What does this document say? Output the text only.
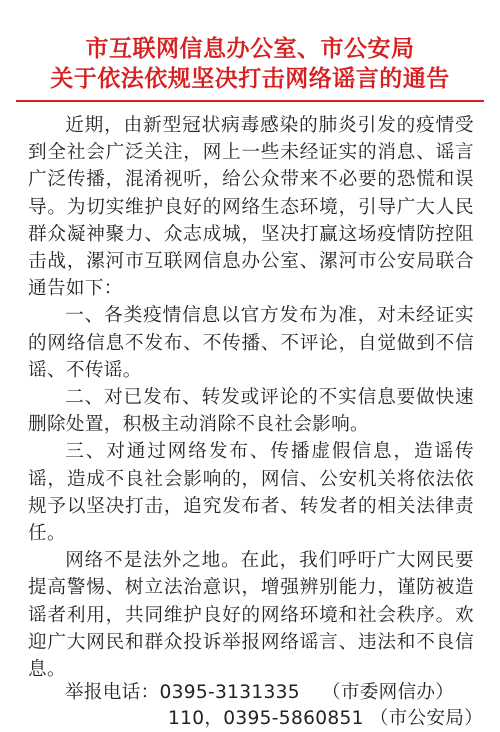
市互联网信息办公室、市公安局
关于依法依规坚决打击网络谣言的通告

近期，由新型冠状病毒感染的肺炎引发的疫情受到全社会广泛关注，网上一些未经证实的消息、谣言广泛传播，混淆视听，给公众带来不必要的恐慌和误导。为切实维护良好的网络生态环境，引导广大人民群众凝神聚力、众志成城，坚决打赢这场疫情防控阻击战，漯河市互联网信息办公室、漯河市公安局联合通告如下：

一、各类疫情信息以官方发布为准，对未经证实的网络信息不发布、不传播、不评论，自觉做到不信谣、不传谣。

二、对已发布、转发或评论的不实信息要做快速删除处置，积极主动消除不良社会影响。

三、对通过网络发布、传播虚假信息，造谣传谣，造成不良社会影响的，网信、公安机关将依法依规予以坚决打击，追究发布者、转发者的相关法律责任。

网络不是法外之地。在此，我们呼吁广大网民要提高警惕、树立法治意识，增强辨别能力，谨防被造谣者利用，共同维护良好的网络环境和社会秩序。欢迎广大网民和群众投诉举报网络谣言、违法和不良信息。

举报电话：0395-3131335 （市委网信办）
110，0395-5860851 （市公安局）
